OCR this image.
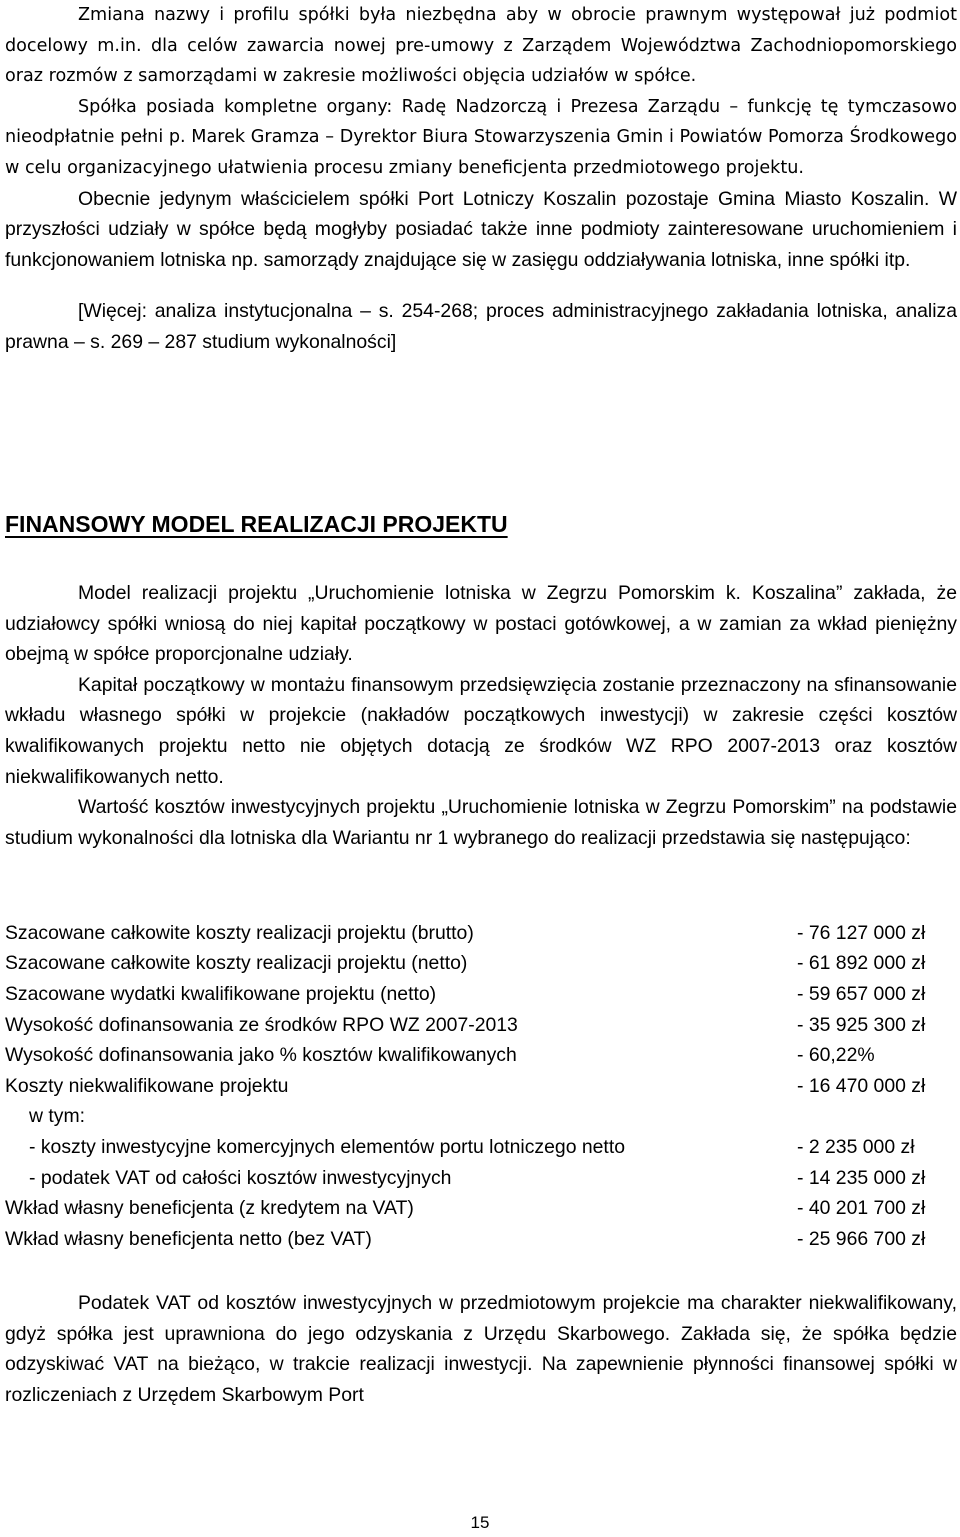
Zmiana nazwy i profilu spółki była niezbędna aby w obrocie prawnym występował już podmiot docelowy m.in. dla celów zawarcia nowej pre-umowy z Zarządem Województwa Zachodniopomorskiego oraz rozmów z samorządami w zakresie możliwości objęcia udziałów w spółce.

Spółka posiada kompletne organy: Radę Nadzorczą i Prezesa Zarządu – funkcję tę tymczasowo nieodpłatnie pełni p. Marek Gramza – Dyrektor Biura Stowarzyszenia Gmin i Powiatów Pomorza Środkowego w celu organizacyjnego ułatwienia procesu zmiany beneficjenta przedmiotowego projektu.

Obecnie jedynym właścicielem spółki Port Lotniczy Koszalin pozostaje Gmina Miasto Koszalin. W przyszłości udziały w spółce będą mogłyby posiadać także inne podmioty zainteresowane uruchomieniem i funkcjonowaniem lotniska np. samorządy znajdujące się w zasięgu oddziaływania lotniska, inne spółki itp.

[Więcej: analiza instytucjonalna – s. 254-268; proces administracyjnego zakładania lotniska, analiza prawna – s. 269 – 287 studium wykonalności]

FINANSOWY MODEL REALIZACJI PROJEKTU

Model realizacji projektu „Uruchomienie lotniska w Zegrzu Pomorskim k. Koszalina” zakłada, że udziałowcy spółki wniosą do niej kapitał początkowy w postaci gotówkowej, a w zamian za wkład pieniężny obejmą w spółce proporcjonalne udziały.

Kapitał początkowy w montażu finansowym przedsięwzięcia zostanie przeznaczony na sfinansowanie wkładu własnego spółki w projekcie (nakładów początkowych inwestycji) w zakresie części kosztów kwalifikowanych projektu netto nie objętych dotacją ze środków WZ RPO 2007-2013 oraz kosztów niekwalifikowanych netto.

Wartość kosztów inwestycyjnych projektu „Uruchomienie lotniska w Zegrzu Pomorskim” na podstawie studium wykonalności dla lotniska dla Wariantu nr 1 wybranego do realizacji przedstawia się następująco:

Szacowane całkowite koszty realizacji projektu (brutto)	- 76 127 000 zł
Szacowane całkowite koszty realizacji projektu (netto)	- 61 892 000 zł
Szacowane wydatki kwalifikowane projektu (netto)	- 59 657 000 zł
Wysokość dofinansowania ze środków RPO WZ 2007-2013	- 35 925 300 zł
Wysokość dofinansowania jako % kosztów kwalifikowanych	- 60,22%
Koszty niekwalifikowane projektu	- 16 470 000 zł
w tym:	
- koszty inwestycyjne komercyjnych elementów portu lotniczego netto	- 2 235 000 zł
- podatek VAT od całości kosztów inwestycyjnych	- 14 235 000 zł
Wkład własny beneficjenta (z kredytem na VAT)	- 40 201 700 zł
Wkład własny beneficjenta netto (bez VAT)	- 25 966 700 zł

Podatek VAT od kosztów inwestycyjnych w przedmiotowym projekcie ma charakter niekwalifikowany, gdyż spółka jest uprawniona do jego odzyskania z Urzędu Skarbowego. Zakłada się, że spółka będzie odzyskiwać VAT na bieżąco, w trakcie realizacji inwestycji. Na zapewnienie płynności finansowej spółki w rozliczeniach z Urzędem Skarbowym Port

15
